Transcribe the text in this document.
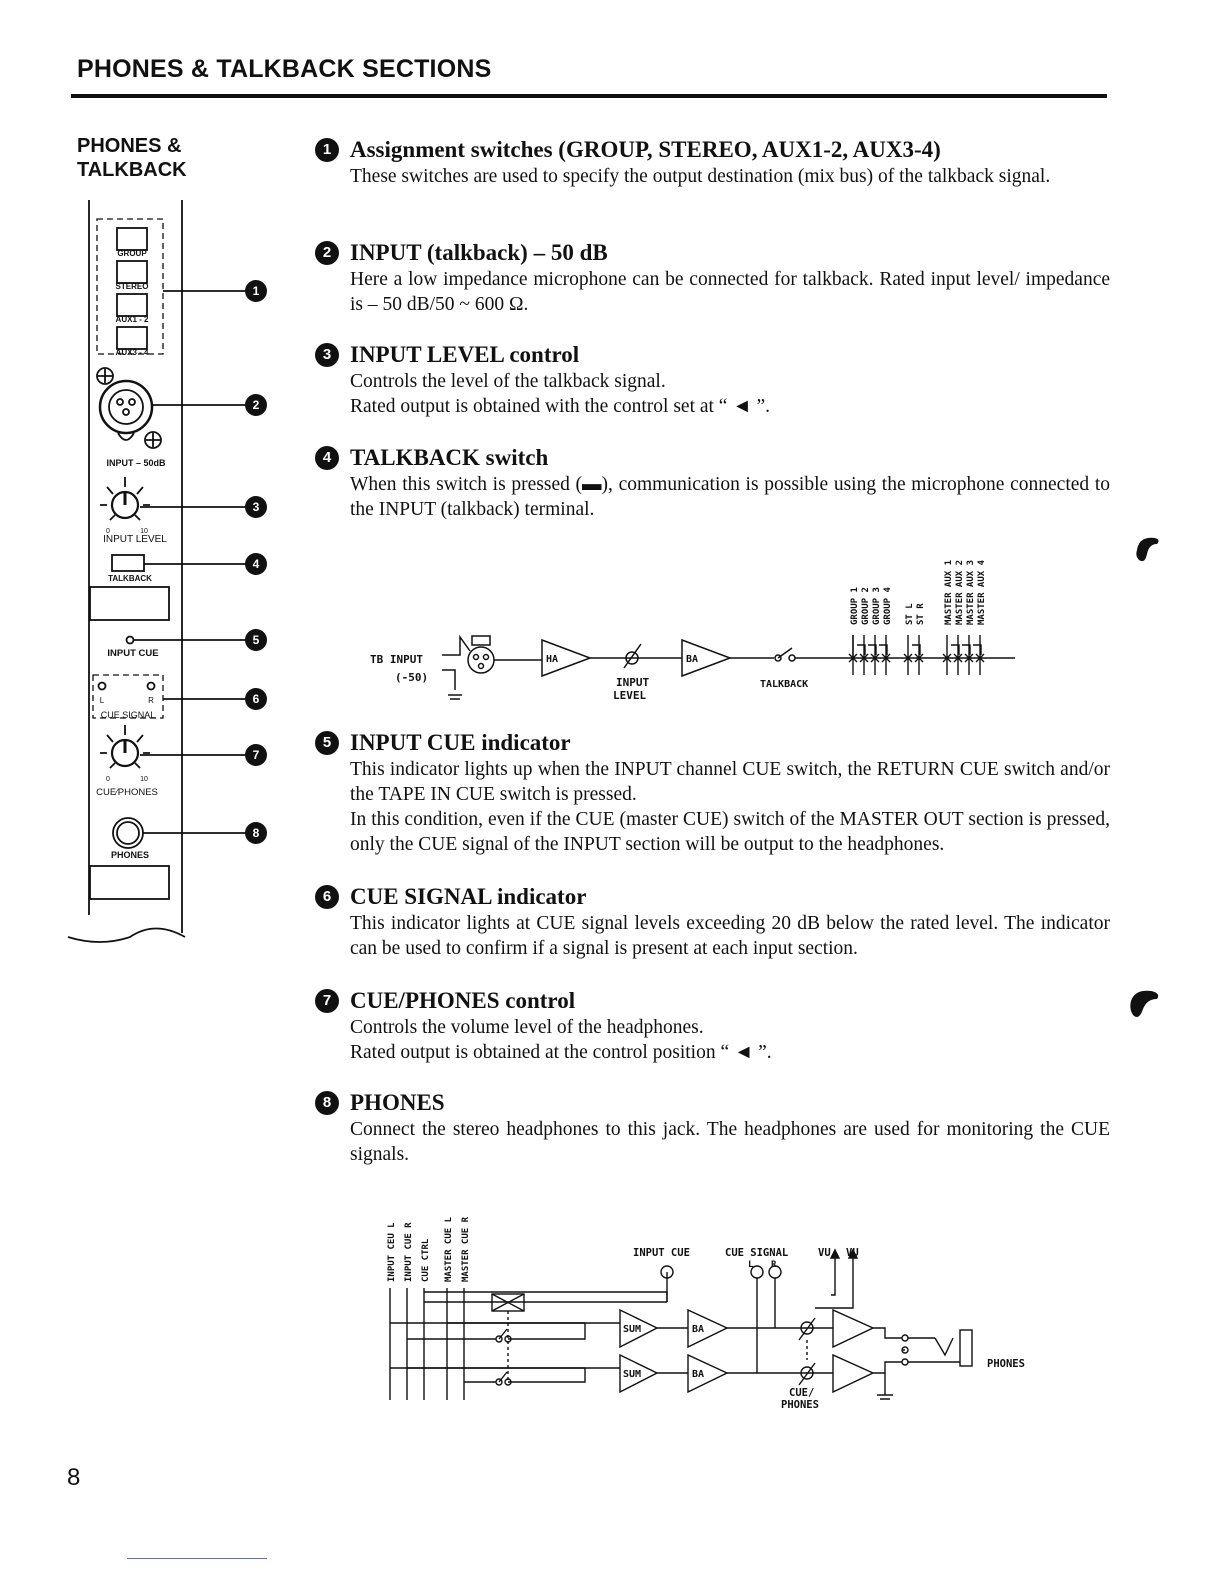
PHONES & TALKBACK SECTIONS
PHONES &
TALKBACK
GROUP
STEREO
AUX1 - 2
AUX3 - 4
INPUT – 50dB
0	10
INPUT LEVEL
TALKBACK
INPUT CUE
L	R
CUE SIGNAL
0	10
CUE∕PHONES
PHONES
1
2
3
4
5
6
7
8
1 Assignment switches (GROUP, STEREO, AUX1-2, AUX3-4)

These switches are used to specify the output destination (mix bus) of the talkback signal.

2 INPUT (talkback) – 50 dB

Here a low impedance microphone can be connected for talkback. Rated input level/ impedance is – 50 dB/50 ~ 600 Ω.

3 INPUT LEVEL control

Controls the level of the talkback signal.

Rated output is obtained with the control set at “ ◄ ”.

4 TALKBACK switch

When this switch is pressed (▬), communication is possible using the microphone connected to the INPUT (talkback) terminal.

TB INPUT
(-50)
HA	BA
INPUT
LEVEL
TALKBACK
GROUP 1 GROUP 2 GROUP 3 GROUP 4 ST L ST R MASTER AUX 1 MASTER AUX 2 MASTER AUX 3 MASTER AUX 4
5 INPUT CUE indicator

This indicator lights up when the INPUT channel CUE switch, the RETURN CUE switch and/or the TAPE IN CUE switch is pressed.

In this condition, even if the CUE (master CUE) switch of the MASTER OUT section is pressed, only the CUE signal of the INPUT section will be output to the headphones.

6 CUE SIGNAL indicator

This indicator lights at CUE signal levels exceeding 20 dB below the rated level. The indicator can be used to confirm if a signal is present at each input section.

7 CUE/PHONES control

Controls the volume level of the headphones.

Rated output is obtained at the control position “ ◄ ”.

8 PHONES

Connect the stereo headphones to this jack. The headphones are used for monitoring the CUE signals.

INPUT CEU L INPUT CUE R CUE CTRL MASTER CUE L MASTER CUE R	INPUT CUE	CUE SIGNAL
L R
VU VU
SUM
SUM
BA
BA
PHONES
CUE/
PHONES
8
